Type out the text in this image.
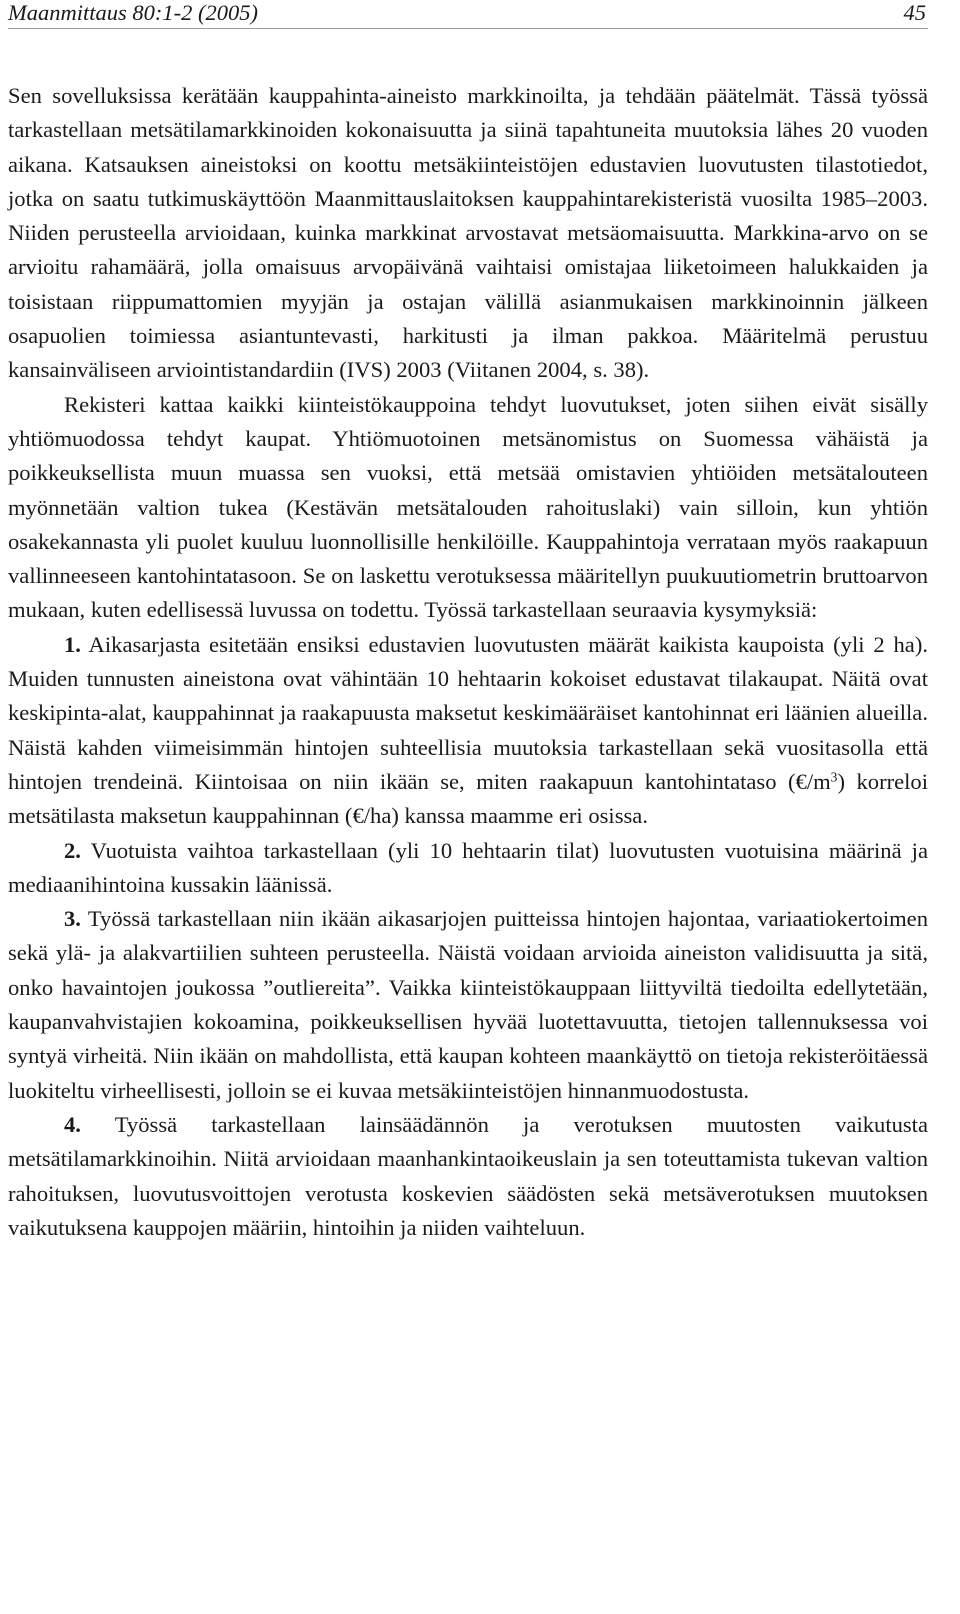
Maanmittaus 80:1-2 (2005)	45

Sen sovelluksissa kerätään kauppahinta-aineisto markkinoilta, ja tehdään päätelmät. Tässä työssä tarkastellaan metsätilamarkkinoiden kokonaisuutta ja siinä tapahtuneita muutoksia lähes 20 vuoden aikana. Katsauksen aineistoksi on koottu metsäkiinteistöjen edustavien luovutusten tilastotiedot, jotka on saatu tutkimuskäyttöön Maanmittauslaitoksen kauppahintarekisteristä vuosilta 1985–2003. Niiden perusteella arvioidaan, kuinka markkinat arvostavat metsäomaisuutta. Markkina-arvo on se arvioitu rahamäärä, jolla omaisuus arvopäivänä vaihtaisi omistajaa liiketoimeen halukkaiden ja toisistaan riippumattomien myyjän ja ostajan välillä asianmukaisen markkinoinnin jälkeen osapuolien toimiessa asiantuntevasti, harkitusti ja ilman pakkoa. Määritelmä perustuu kansainväliseen arviointistandardiin (IVS) 2003 (Viitanen 2004, s. 38).

Rekisteri kattaa kaikki kiinteistökauppoina tehdyt luovutukset, joten siihen eivät sisälly yhtiömuodossa tehdyt kaupat. Yhtiömuotoinen metsänomistus on Suomessa vähäistä ja poikkeuksellista muun muassa sen vuoksi, että metsää omistavien yhtiöiden metsätalouteen myönnetään valtion tukea (Kestävän metsätalouden rahoituslaki) vain silloin, kun yhtiön osakekannasta yli puolet kuuluu luonnollisille henkilöille. Kauppahintoja verrataan myös raakapuun vallinneeseen kantohintatasoon. Se on laskettu verotuksessa määritellyn puukuutiometrin bruttoarvon mukaan, kuten edellisessä luvussa on todettu. Työssä tarkastellaan seuraavia kysymyksiä:

1. Aikasarjasta esitetään ensiksi edustavien luovutusten määrät kaikista kaupoista (yli 2 ha). Muiden tunnusten aineistona ovat vähintään 10 hehtaarin kokoiset edustavat tilakaupat. Näitä ovat keskipinta-alat, kauppahinnat ja raakapuusta maksetut keskimääräiset kantohinnat eri läänien alueilla. Näistä kahden viimeisimmän hintojen suhteellisia muutoksia tarkastellaan sekä vuositasolla että hintojen trendeinä. Kiintoisaa on niin ikään se, miten raakapuun kantohintataso $(€/m^3)$ korreloi metsätilasta maksetun kauppahinnan (€/ha) kanssa maamme eri osissa.

2. Vuotuista vaihtoa tarkastellaan (yli 10 hehtaarin tilat) luovutusten vuotuisina määrinä ja mediaanihintoina kussakin läänissä.

3. Työssä tarkastellaan niin ikään aikasarjojen puitteissa hintojen hajontaa, variaatiokertoimen sekä ylä- ja alakvartiilien suhteen perusteella. Näistä voidaan arvioida aineiston validisuutta ja sitä, onko havaintojen joukossa ”outliereita”. Vaikka kiinteistökauppaan liittyviltä tiedoilta edellytetään, kaupanvahvistajien kokoamina, poikkeuksellisen hyvää luotettavuutta, tietojen tallennuksessa voi syntyä virheitä. Niin ikään on mahdollista, että kaupan kohteen maankäyttö on tietoja rekisteröitäessä luokiteltu virheellisesti, jolloin se ei kuvaa metsäkiinteistöjen hinnanmuodostusta.

4. Työssä tarkastellaan lainsäädännön ja verotuksen muutosten vaikutusta metsätilamarkkinoihin. Niitä arvioidaan maanhankintaoikeuslain ja sen toteuttamista tukevan valtion rahoituksen, luovutusvoittojen verotusta koskevien säädösten sekä metsäverotuksen muutoksen vaikutuksena kauppojen määriin, hintoihin ja niiden vaihteluun.
